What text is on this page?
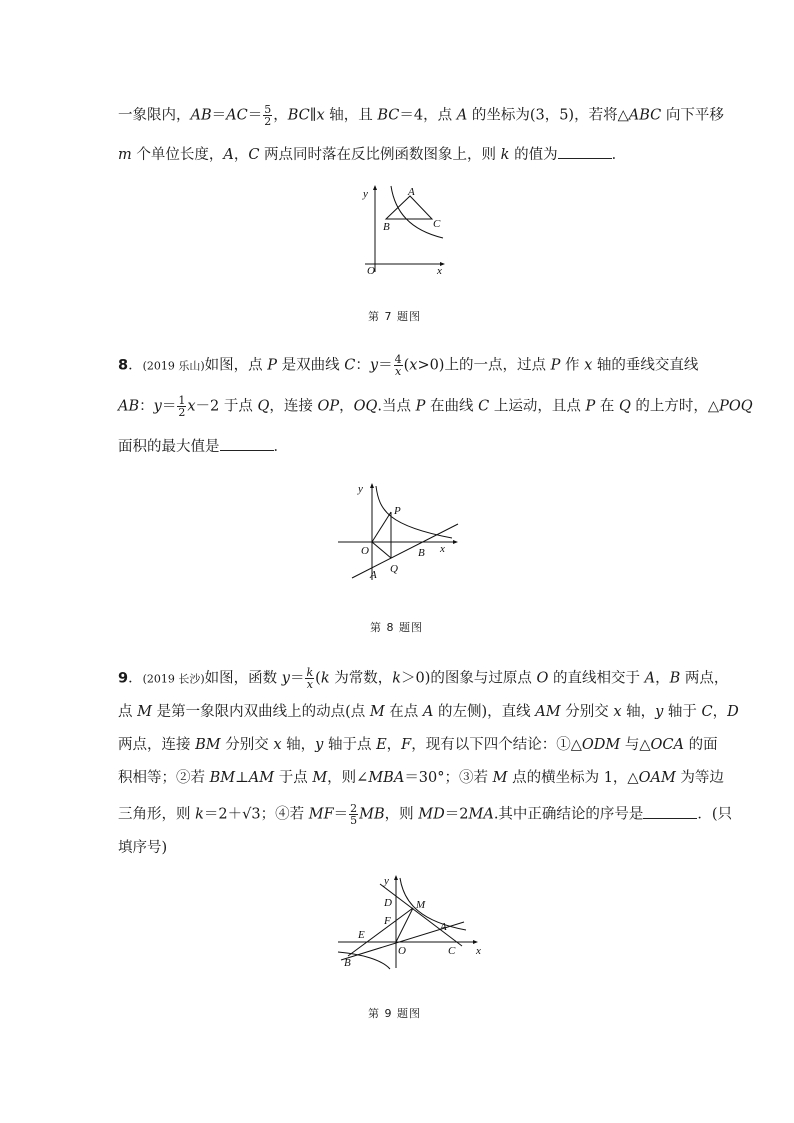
一象限内，$AB=AC= \frac{5}{2}$ ，BC∥x 轴，且 BC＝4，点 A 的坐标为(3，5)，若将△ABC 向下平移
m 个单位长度，A，C 两点同时落在反比例函数图象上，则 k 的值为	．
y
x
O
A
B	C
第 7 题图
8．(2019 乐山)如图，点 P 是双曲线 C：$y= \frac{4}{x} (x>0)$上的一点，过点 P 作 x 轴的垂线交直线
AB：$y= \frac{1}{2} x-2$ 于点 Q，连接 OP，OQ.当点 P 在曲线 C 上运动，且点 P 在 Q 的上方时，△POQ
面积的最大值是	．
y
x
O
P
Q
A
B
第 8 题图
9．(2019 长沙)如图，函数 $y= \frac{k}{x} (k$ 为常数，k＞0)的图象与过原点 O 的直线相交于 A，B 两点，
点 M 是第一象限内双曲线上的动点(点 M 在点 A 的左侧)，直线 AM 分别交 x 轴，y 轴于 C，D
两点，连接 BM 分别交 x 轴，y 轴于点 E，F，现有以下四个结论：①△ODM 与△OCA 的面
积相等；②若 BM⊥AM 于点 M，则∠MBA＝30°；③若 M 点的横坐标为 1，△OAM 为等边
三角形，则 k＝2＋√3；④若 $MF= \frac{2}{5}$ MB，则 MD＝2MA.其中正确结论的序号是	．(只
填序号)
y
x
O
D M
F	A
E
C
B
第 9 题图
